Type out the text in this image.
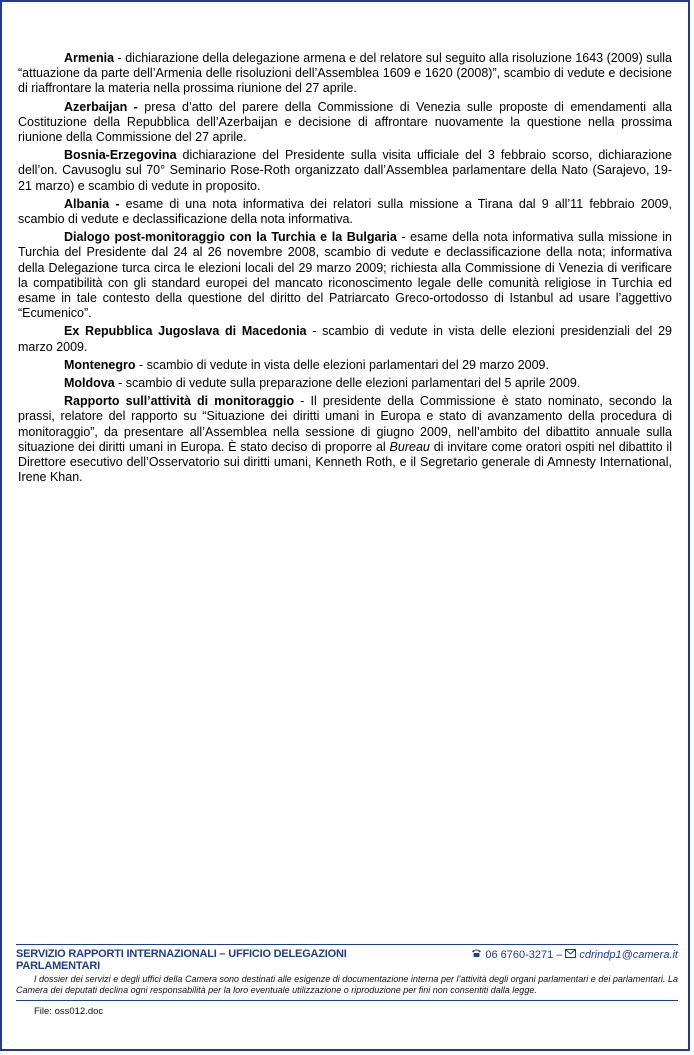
Armenia - dichiarazione della delegazione armena e del relatore sul seguito alla risoluzione 1643 (2009) sulla “attuazione da parte dell’Armenia delle risoluzioni dell’Assemblea 1609 e 1620 (2008)”, scambio di vedute e decisione di riaffrontare la materia nella prossima riunione del 27 aprile.

Azerbaijan - presa d’atto del parere della Commissione di Venezia sulle proposte di emendamenti alla Costituzione della Repubblica dell’Azerbaijan e decisione di affrontare nuovamente la questione nella prossima riunione della Commissione del 27 aprile.

Bosnia-Erzegovina dichiarazione del Presidente sulla visita ufficiale del 3 febbraio scorso, dichiarazione dell’on. Cavusoglu sul 70° Seminario Rose-Roth organizzato dall’Assemblea parlamentare della Nato (Sarajevo, 19-21 marzo) e scambio di vedute in proposito.

Albania - esame di una nota informativa dei relatori sulla missione a Tirana dal 9 all’11 febbraio 2009, scambio di vedute e declassificazione della nota informativa.

Dialogo post-monitoraggio con la Turchia e la Bulgaria - esame della nota informativa sulla missione in Turchia del Presidente dal 24 al 26 novembre 2008, scambio di vedute e declassificazione della nota; informativa della Delegazione turca circa le elezioni locali del 29 marzo 2009; richiesta alla Commissione di Venezia di verificare la compatibilità con gli standard europei del mancato riconoscimento legale delle comunità religiose in Turchia ed esame in tale contesto della questione del diritto del Patriarcato Greco-ortodosso di Istanbul ad usare l’aggettivo “Ecumenico”.

Ex Repubblica Jugoslava di Macedonia - scambio di vedute in vista delle elezioni presidenziali del 29 marzo 2009.

Montenegro - scambio di vedute in vista delle elezioni parlamentari del 29 marzo 2009.

Moldova - scambio di vedute sulla preparazione delle elezioni parlamentari del 5 aprile 2009.

Rapporto sull’attività di monitoraggio - Il presidente della Commissione è stato nominato, secondo la prassi, relatore del rapporto su “Situazione dei diritti umani in Europa e stato di avanzamento della procedura di monitoraggio”, da presentare all’Assemblea nella sessione di giugno 2009, nell’ambito del dibattito annuale sulla situazione dei diritti umani in Europa. È stato deciso di proporre al Bureau di invitare come oratori ospiti nel dibattito il Direttore esecutivo dell’Osservatorio sui diritti umani, Kenneth Roth, e il Segretario generale di Amnesty International, Irene Khan.

SERVIZIO RAPPORTI INTERNAZIONALI – UFFICIO DELEGAZIONI PARLAMENTARI
06 6760-3271 – cdrindp1@camera.it
I dossier dei servizi e degli uffici della Camera sono destinati alle esigenze di documentazione interna per l’attività degli organi parlamentari e dei parlamentari. La Camera dei deputati declina ogni responsabilità per la loro eventuale utilizzazione o riproduzione per fini non consentiti dalla legge.
File: oss012.doc
